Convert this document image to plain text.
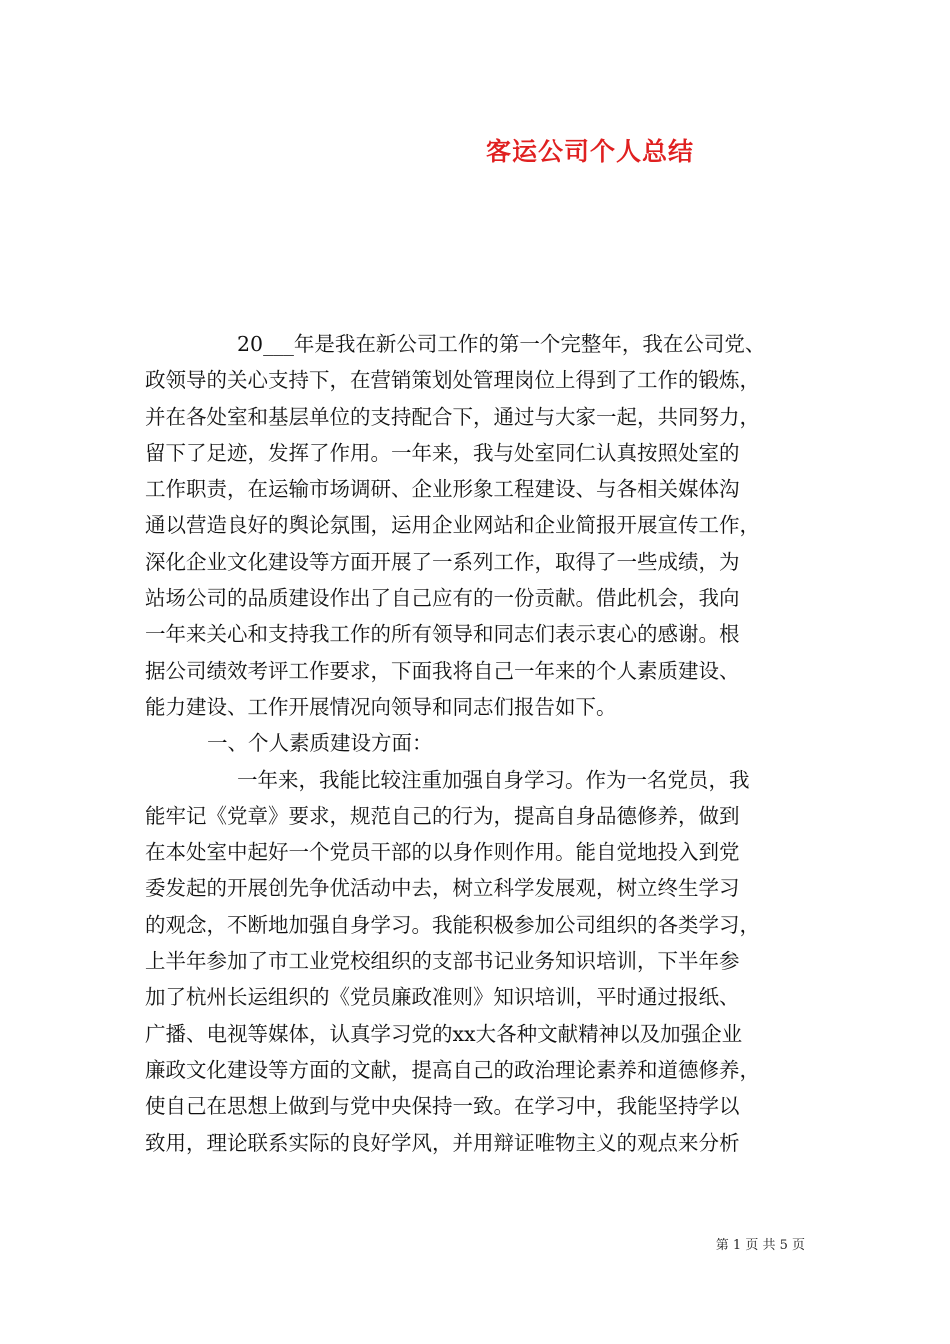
客运公司个人总结
20___年是我在新公司工作的第一个完整年，我在公司党、
政领导的关心支持下，在营销策划处管理岗位上得到了工作的锻炼，
并在各处室和基层单位的支持配合下，通过与大家一起，共同努力，
留下了足迹，发挥了作用。一年来，我与处室同仁认真按照处室的
工作职责，在运输市场调研、企业形象工程建设、与各相关媒体沟
通以营造良好的舆论氛围，运用企业网站和企业简报开展宣传工作，
深化企业文化建设等方面开展了一系列工作，取得了一些成绩，为
站场公司的品质建设作出了自己应有的一份贡献。借此机会，我向
一年来关心和支持我工作的所有领导和同志们表示衷心的感谢。根
据公司绩效考评工作要求，下面我将自己一年来的个人素质建设、
能力建设、工作开展情况向领导和同志们报告如下。
一、个人素质建设方面：
一年来，我能比较注重加强自身学习。作为一名党员，我
能牢记《党章》要求，规范自己的行为，提高自身品德修养，做到
在本处室中起好一个党员干部的以身作则作用。能自觉地投入到党
委发起的开展创先争优活动中去，树立科学发展观，树立终生学习
的观念，不断地加强自身学习。我能积极参加公司组织的各类学习，
上半年参加了市工业党校组织的支部书记业务知识培训，下半年参
加了杭州长运组织的《党员廉政准则》知识培训，平时通过报纸、
广播、电视等媒体，认真学习党的xx大各种文献精神以及加强企业
廉政文化建设等方面的文献，提高自己的政治理论素养和道德修养，
使自己在思想上做到与党中央保持一致。在学习中，我能坚持学以
致用，理论联系实际的良好学风，并用辩证唯物主义的观点来分析
第 1 页 共 5 页
